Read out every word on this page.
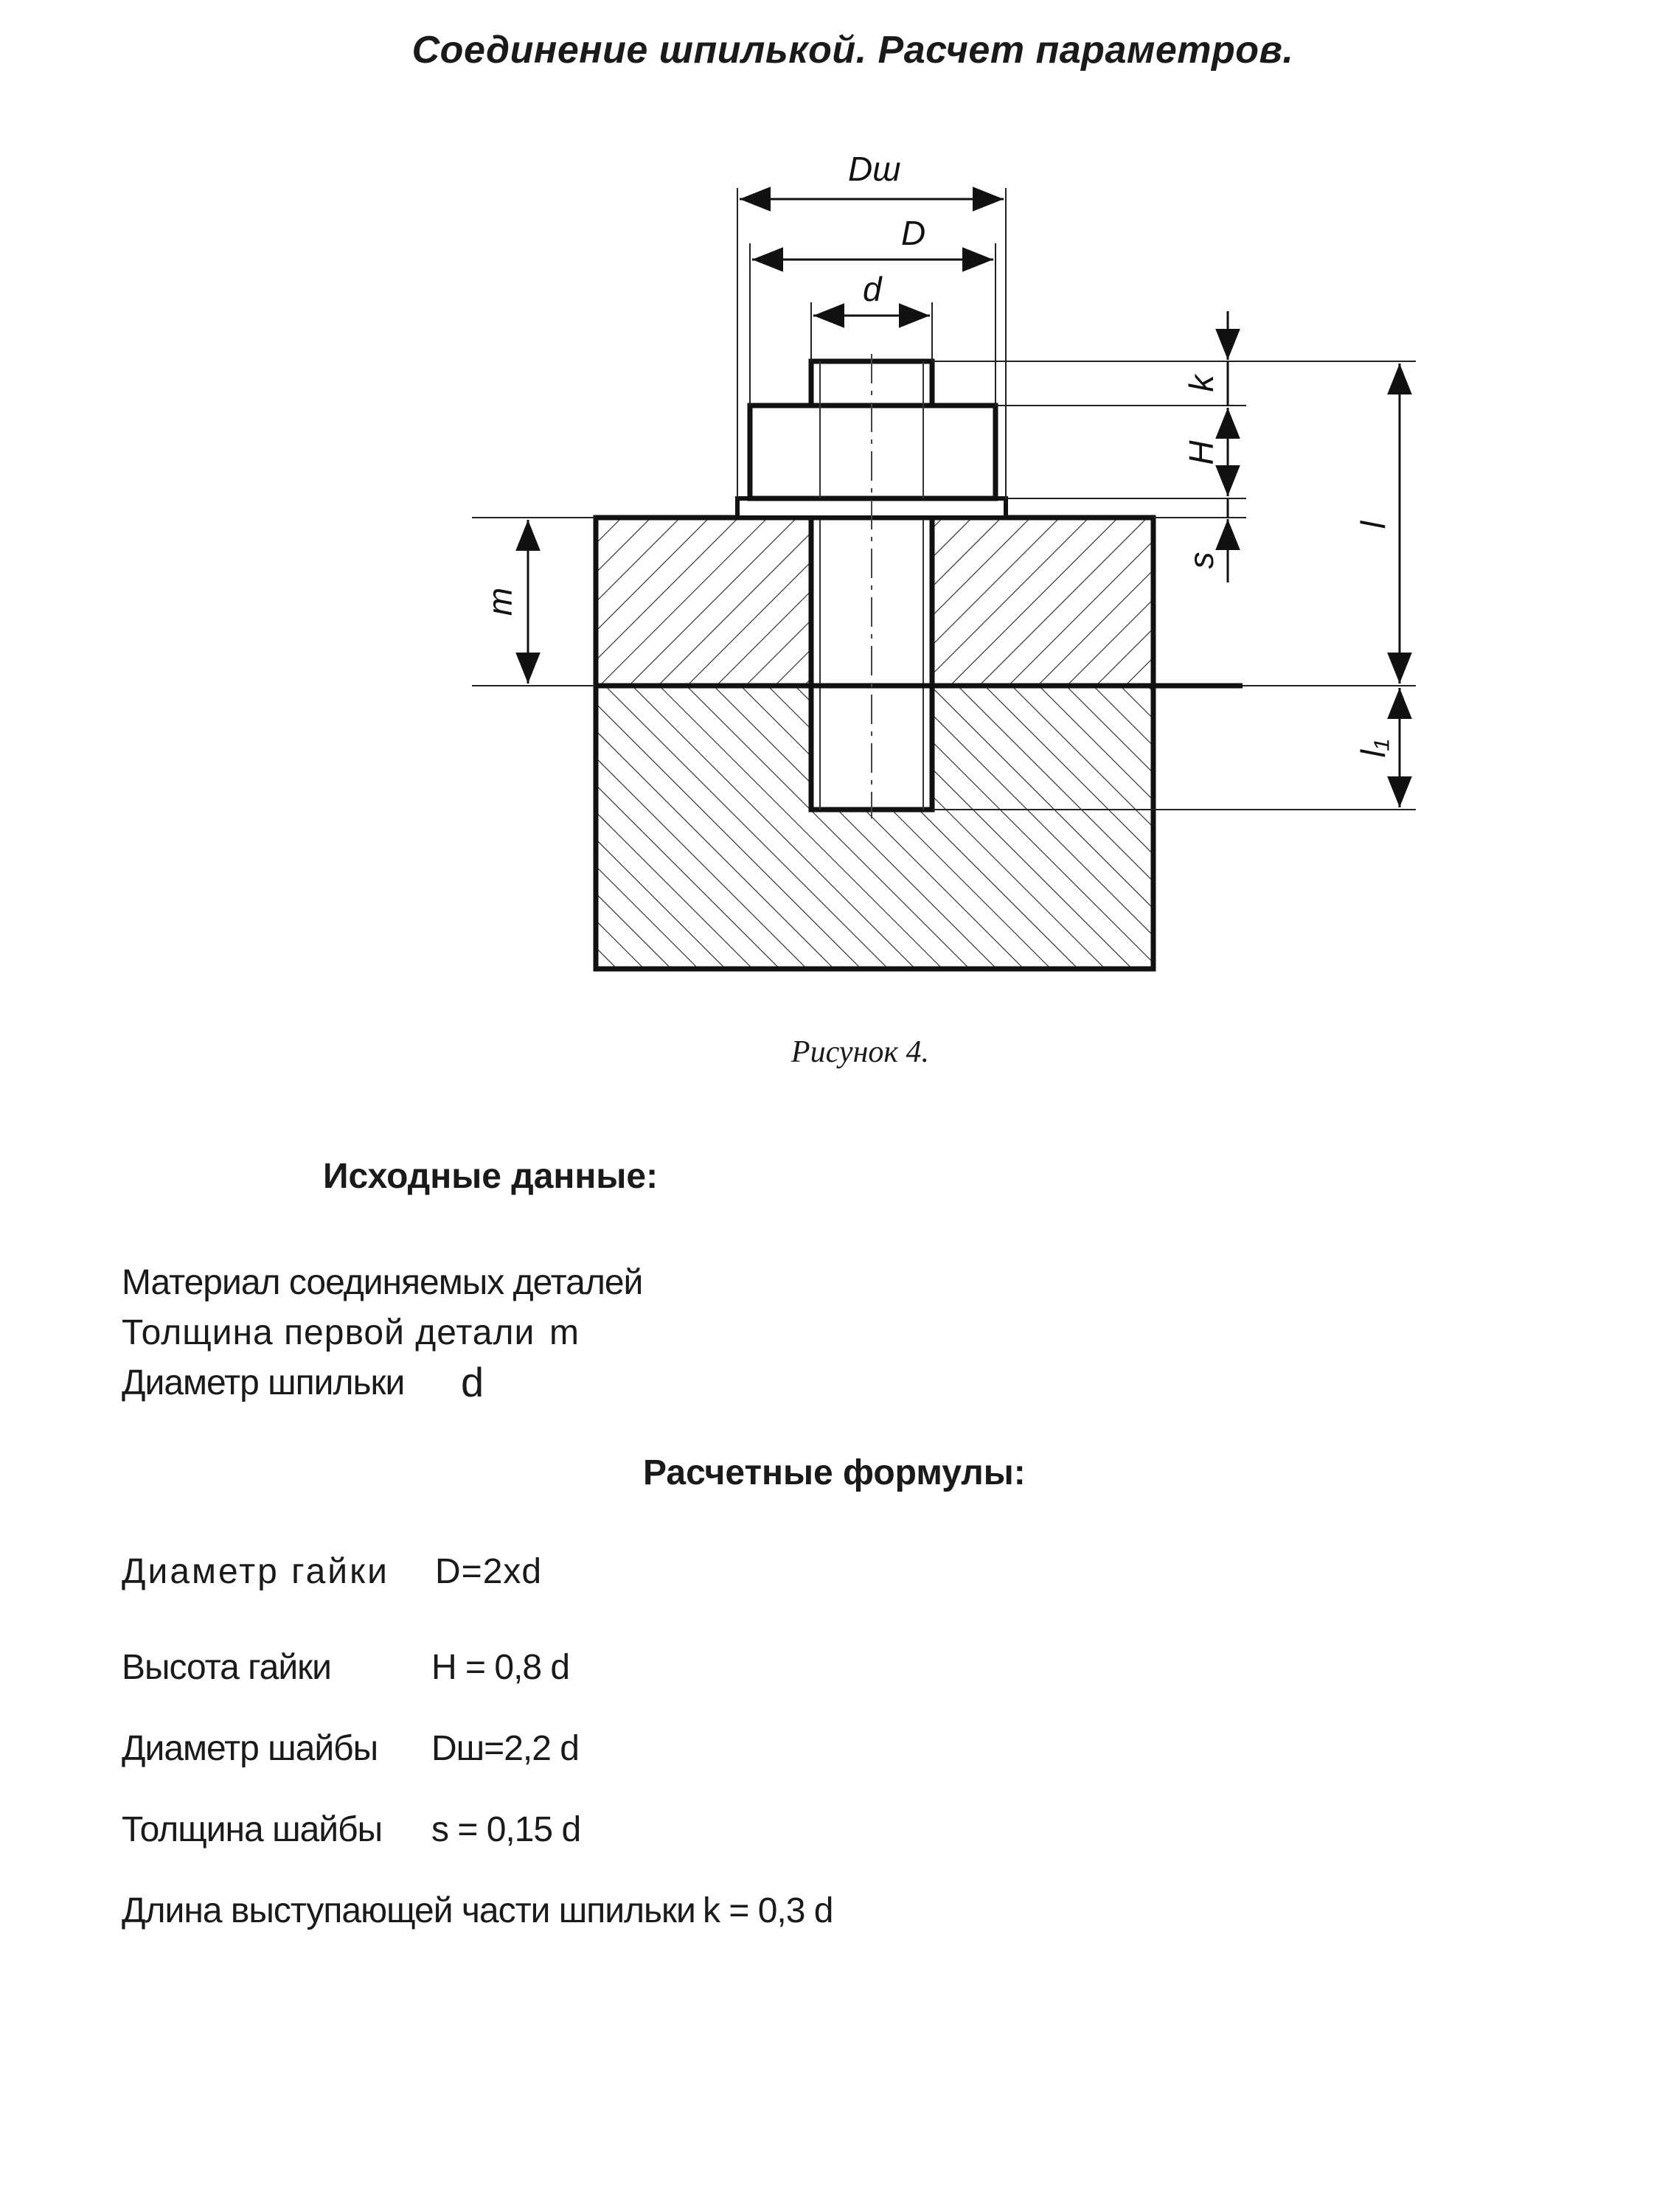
Соединение шпилькой. Расчет параметров.
Dш
D
d
k
H
s
l
l₁
m
Рисунок 4.
Исходные данные:
Материал соединяемых деталей
Толщина первой детали m
Диаметр шпильки d
Расчетные формулы:
Диаметр гайки D=2xd
Высота гайки	H = 0,8 d
Диаметр шайбы Dш=2,2 d
Толщина шайбы s = 0,15 d
Длина выступающей части шпильки k = 0,3 d
